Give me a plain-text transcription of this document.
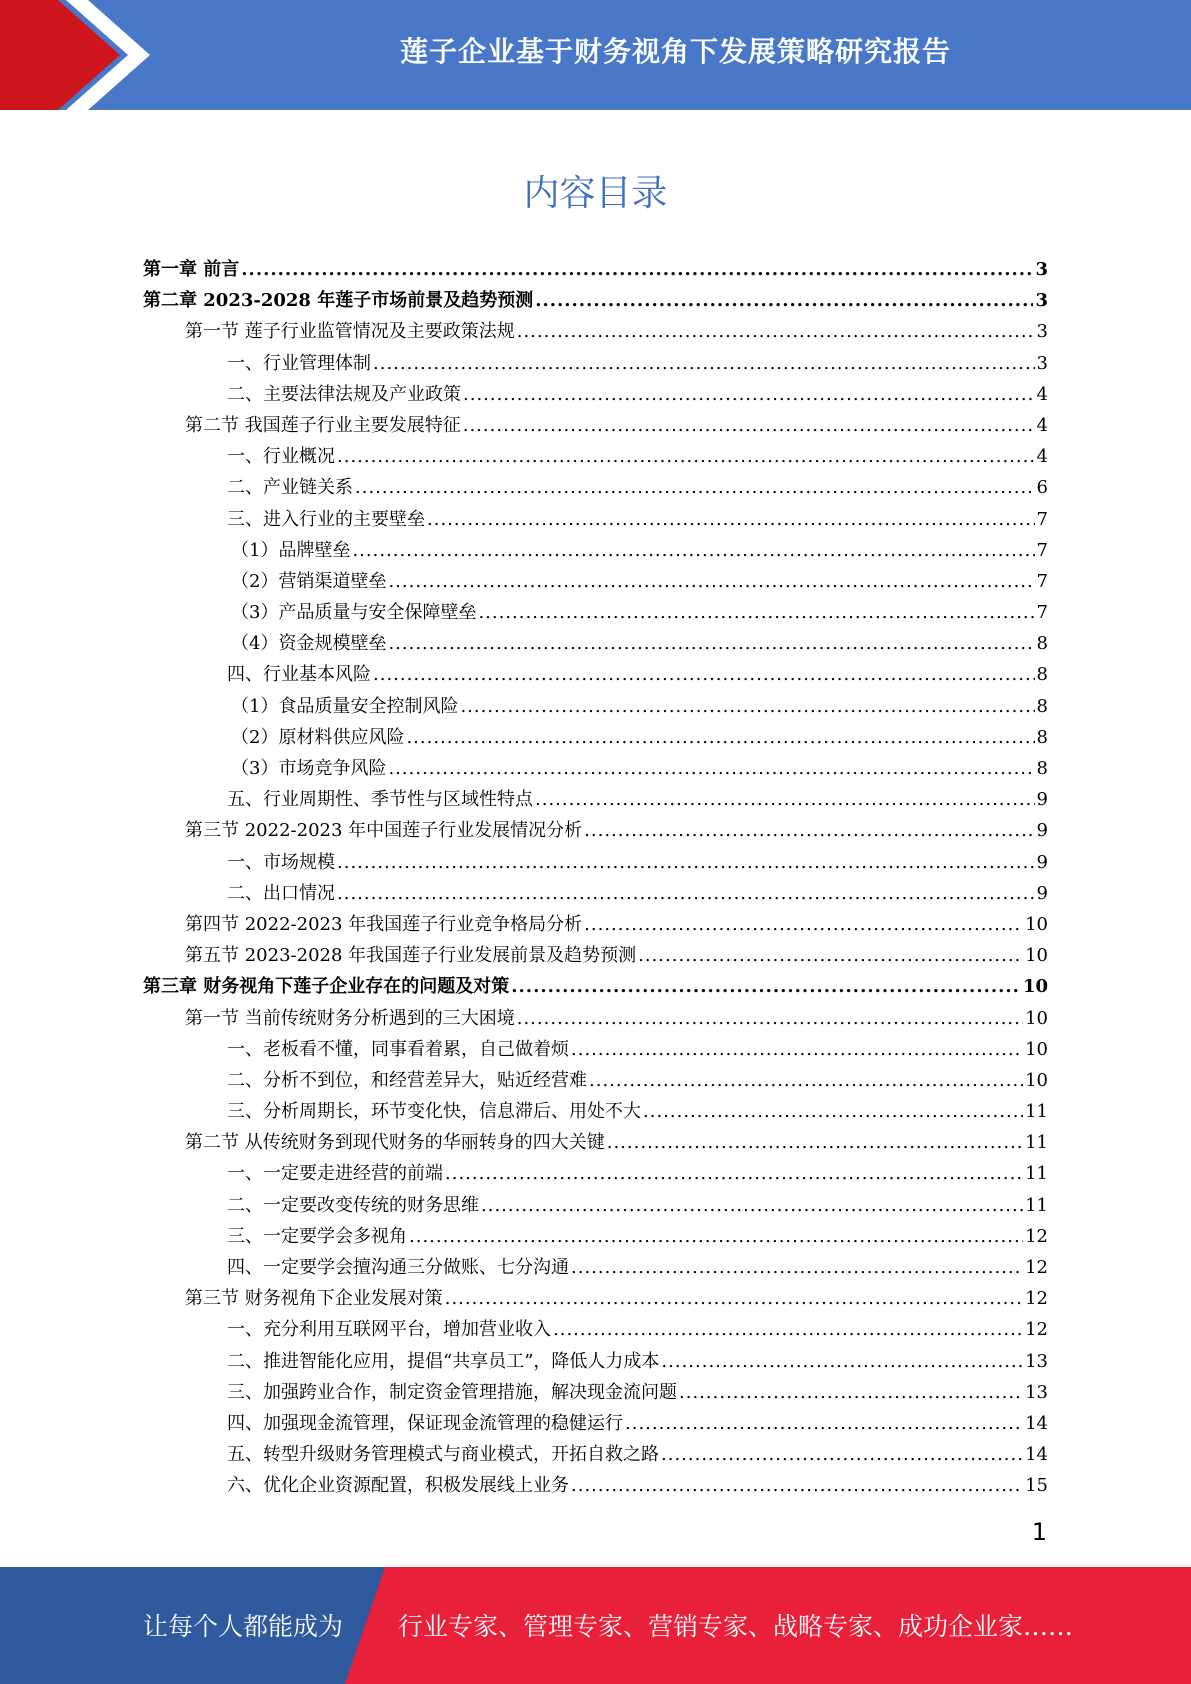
莲子企业基于财务视角下发展策略研究报告
内容目录
第一章 前言 .....	3
第二章 2023-2028 年莲子市场前景及趋势预测 .....	3
第一节 莲子行业监管情况及主要政策法规 .....	3
一、行业管理体制 .....	3
二、主要法律法规及产业政策 .....	4
第二节 我国莲子行业主要发展特征 .....	4
一、行业概况 .....	4
二、产业链关系 .....	6
三、进入行业的主要壁垒 .....	7
（1）品牌壁垒 .....	7
（2）营销渠道壁垒 .....	7
（3）产品质量与安全保障壁垒 .....	7
（4）资金规模壁垒 .....	8
四、行业基本风险 .....	8
（1）食品质量安全控制风险 .....	8
（2）原材料供应风险 .....	8
（3）市场竞争风险 .....	8
五、行业周期性、季节性与区域性特点 .....	9
第三节 2022-2023 年中国莲子行业发展情况分析 .....	9
一、市场规模 .....	9
二、出口情况 .....	9
第四节 2022-2023 年我国莲子行业竞争格局分析 .....	10
第五节 2023-2028 年我国莲子行业发展前景及趋势预测 .....	10
第三章 财务视角下莲子企业存在的问题及对策 .....	10
第一节 当前传统财务分析遇到的三大困境 .....	10
一、老板看不懂，同事看着累，自己做着烦 .....	10
二、分析不到位，和经营差异大，贴近经营难 .....	10
三、分析周期长，环节变化快，信息滞后、用处不大 .....	11
第二节 从传统财务到现代财务的华丽转身的四大关键 .....	11
一、一定要走进经营的前端 .....	11
二、一定要改变传统的财务思维 .....	11
三、一定要学会多视角 .....	12
四、一定要学会擅沟通三分做账、七分沟通 .....	12
第三节 财务视角下企业发展对策 .....	12
一、充分利用互联网平台，增加营业收入 .....	12
二、推进智能化应用，提倡“共享员工”，降低人力成本 .....	13
三、加强跨业合作，制定资金管理措施，解决现金流问题 .....	13
四、加强现金流管理，保证现金流管理的稳健运行 .....	14
五、转型升级财务管理模式与商业模式，开拓自救之路 .....	14
六、优化企业资源配置，积极发展线上业务 .....	15
1
让每个人都能成为 行业专家、管理专家、营销专家、战略专家、成功企业家……
